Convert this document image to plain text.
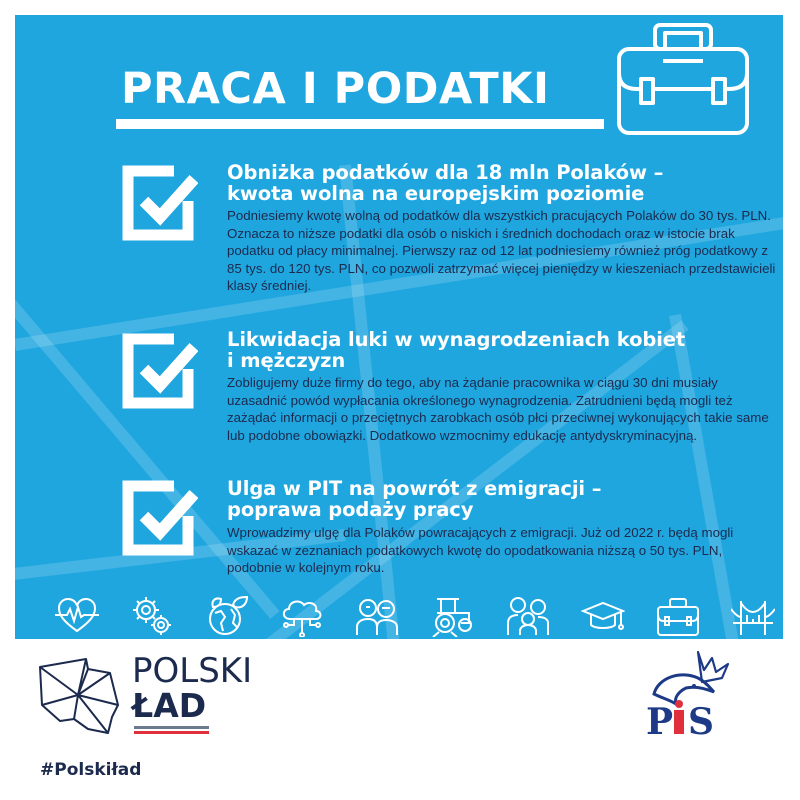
PRACA I PODATKI
Obniżka podatków dla 18 mln Polaków –
kwota wolna na europejskim poziomie

Podniesiemy kwotę wolną od podatków dla wszystkich pracujących Polaków do 30 tys. PLN. Oznacza to niższe podatki dla osób o niskich i średnich dochodach oraz w istocie brak podatku od płacy minimalnej. Pierwszy raz od 12 lat podniesiemy również próg podatkowy z 85 tys. do 120 tys. PLN, co pozwoli zatrzymać więcej pieniędzy w kieszeniach przedstawicieli klasy średniej.

Likwidacja luki w wynagrodzeniach kobiet
i mężczyzn

Zobligujemy duże firmy do tego, aby na żądanie pracownika w ciągu 30 dni musiały uzasadnić powód wypłacania określonego wynagrodzenia. Zatrudnieni będą mogli też zażądać informacji o przeciętnych zarobkach osób płci przeciwnej wykonujących takie same lub podobne obowiązki. Dodatkowo wzmocnimy edukację antydyskryminacyjną.

Ulga w PIT na powrót z emigracji –
poprawa podaży pracy

Wprowadzimy ulgę dla Polaków powracających z emigracji. Już od 2022 r. będą mogli wskazać w zeznaniach podatkowych kwotę do opodatkowania niższą o 50 tys. PLN, podobnie w kolejnym roku.

POLSKI
ŁAD
#Polskiład
P S
